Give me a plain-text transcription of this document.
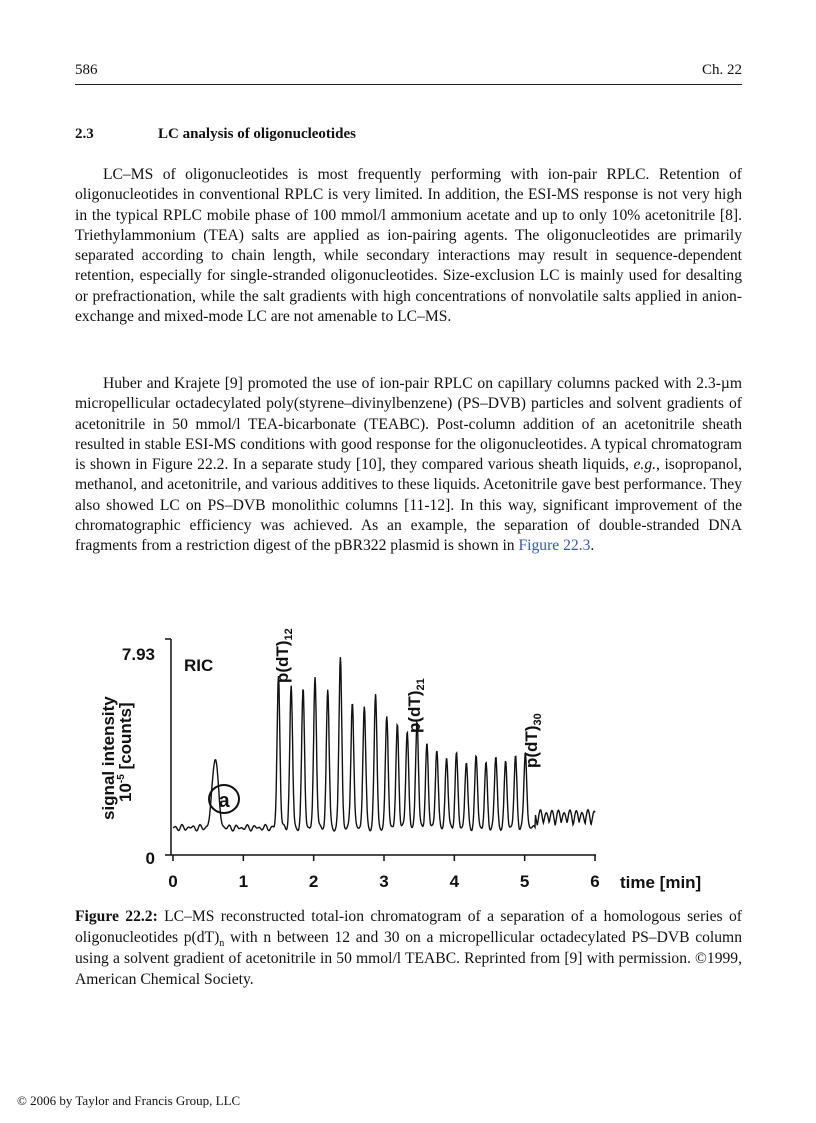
586	Ch. 22
2.3	LC analysis of oligonucleotides

LC–MS of oligonucleotides is most frequently performing with ion-pair RPLC. Retention of oligonucleotides in conventional RPLC is very limited. In addition, the ESI-MS response is not very high in the typical RPLC mobile phase of 100 mmol/l ammonium acetate and up to only 10% acetonitrile [8]. Triethylammonium (TEA) salts are applied as ion-pairing agents. The oligonucleotides are primarily separated according to chain length, while secondary interactions may result in sequence-dependent retention, especially for single-stranded oligonucleotides. Size-exclusion LC is mainly used for desalting or prefractionation, while the salt gradients with high concentrations of nonvolatile salts applied in anion-exchange and mixed-mode LC are not amenable to LC–MS.

Huber and Krajete [9] promoted the use of ion-pair RPLC on capillary columns packed with 2.3-µm micropellicular octadecylated poly(styrene–divinylbenzene) (PS–DVB) particles and solvent gradients of acetonitrile in 50 mmol/l TEA-bicarbonate (TEABC). Post-column addition of an acetonitrile sheath resulted in stable ESI-MS conditions with good response for the oligonucleotides. A typical chromatogram is shown in Figure 22.2. In a separate study [10], they compared various sheath liquids, e.g., isopropanol, methanol, and acetonitrile, and various additives to these liquids. Acetonitrile gave best performance. They also showed LC on PS–DVB monolithic columns [11-12]. In this way, significant improvement of the chromatographic efficiency was achieved. As an example, the separation of double-stranded DNA fragments from a restriction digest of the pBR322 plasmid is shown in Figure 22.3.

signal intensity
$10^{-5}$ [counts]
7.93
0
RIC
a
0	1	2	3	4	5	6 time [min]
$p(dT)_{12}$
$p(dT)_{21}$
$p(dT)_{30}$
Figure 22.2: LC–MS reconstructed total-ion chromatogram of a separation of a homologous series of oligonucleotides $p(dT)_n$ with n between 12 and 30 on a micropellicular octadecylated PS–DVB column using a solvent gradient of acetonitrile in 50 mmol/l TEABC. Reprinted from [9] with permission. ©1999, American Chemical Society.
© 2006 by Taylor and Francis Group, LLC
